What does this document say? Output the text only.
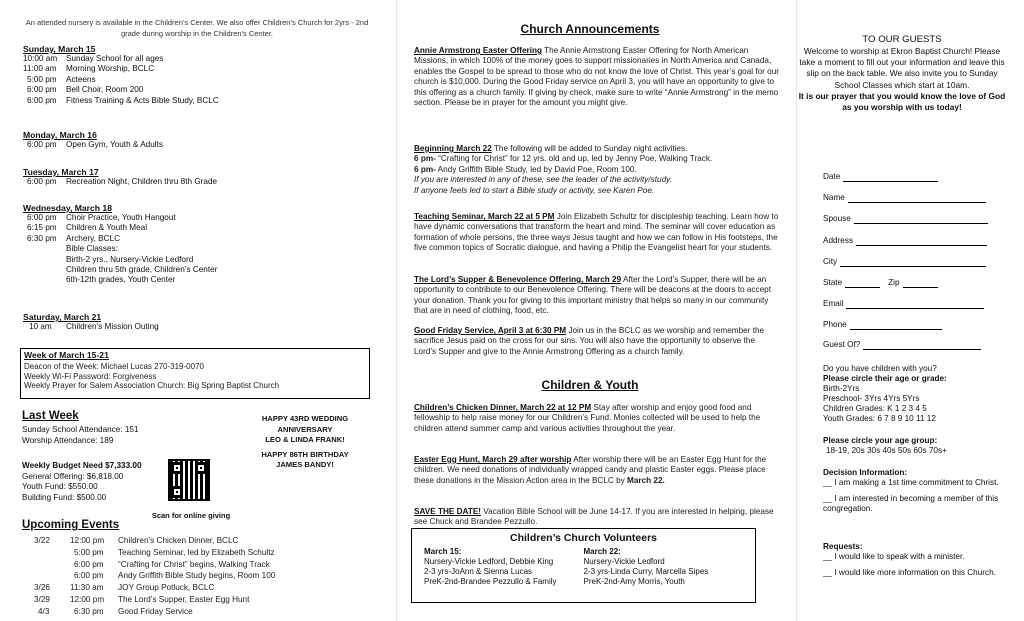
An attended nursery is available in the Children’s Center. We also offer Children’s Church for 2yrs - 2nd grade during worship in the Children’s Center.
Sunday, March 15
10:00 am	Sunday School for all ages
11:00 am	Morning Worship, BCLC
5:00 pm	Acteens
6:00 pm	Bell Choir, Room 200
6:00 pm	Fitness Training & Acts Bible Study, BCLC
Monday, March 16
6:00 pm	Open Gym, Youth & Adults
Tuesday, March 17
6:00 pm	Recreation Night, Children thru 8th Grade
Wednesday, March 18
6:00 pm	Choir Practice, Youth Hangout
6:15 pm	Children & Youth Meal
6:30 pm	Archery, BCLC
Bible Classes:
Birth-2 yrs., Nursery-Vickie Ledford
Children thru 5th grade, Children’s Center
6th-12th grades, Youth Center
Saturday, March 21
10 am	Children’s Mission Outing
Week of March 15-21
Deacon of the Week: Michael Lucas 270-319-0070
Weekly Wi-Fi Password: Forgiveness
Weekly Prayer for Salem Association Church: Big Spring Baptist Church
Last Week
Sunday School Attendance: 151
Worship Attendance: 189
HAPPY 43RD WEDDING
ANNIVERSARY
LEO & LINDA FRANK!
HAPPY 86TH BIRTHDAY
JAMES BANDY!
Weekly Budget Need $7,333.00
General Offering: $6,818.00
Youth Fund: $550.00
Building Fund: $500.00
Scan for online giving
Upcoming Events
3/22	12:00 pm	Children’s Chicken Dinner, BCLC
5:00 pm	Teaching Seminar, led by Elizabeth Schultz
6:00 pm	“Crafting for Christ” begins, Walking Track
6:00 pm	Andy Griffith Bible Study begins, Room 100
3/26	11:30 am	JOY Group Potluck, BCLC
3/29	12:00 pm	The Lord’s Supper, Easter Egg Hunt
4/3	6:30 pm	Good Friday Service
Church Announcements
Annie Armstrong Easter Offering The Annie Armstrong Easter Offering for North American Missions, in which 100% of the money goes to support missionaries in North America and Canada, enables the Gospel to be spread to those who do not know the love of Christ. This year’s goal for our church is $10,000. During the Good Friday service on April 3, you will have an opportunity to give to this offering as a church family. If giving by check, make sure to write “Annie Armstrong” in the memo section. Please be in prayer for the amount you might give.
Beginning March 22 The following will be added to Sunday night activities.
6 pm- “Crafting for Christ” for 12 yrs. old and up, led by Jenny Poe, Walking Track.
6 pm- Andy Griffith Bible Study, led by David Poe, Room 100.
If you are interested in any of these, see the leader of the activity/study.
If anyone feels led to start a Bible study or activity, see Karen Poe.
Teaching Seminar, March 22 at 5 PM Join Elizabeth Schultz for discipleship teaching. Learn how to have dynamic conversations that transform the heart and mind. The seminar will cover education as formation of whole persons, the three ways Jesus taught and how we can follow in His footsteps, the five common topics of Socratic dialogue, and having a Philip the Evangelist heart for your students.
The Lord’s Supper & Benevolence Offering, March 29 After the Lord’s Supper, there will be an opportunity to contribute to our Benevolence Offering. There will be deacons at the doors to accept your donation. Thank you for giving to this important ministry that helps so many in our community that are in need of clothing, food, etc.
Good Friday Service, April 3 at 6:30 PM Join us in the BCLC as we worship and remember the sacrifice Jesus paid on the cross for our sins. You will also have the opportunity to observe the Lord’s Supper and give to the Annie Armstrong Offering as a church family.
Children & Youth
Children’s Chicken Dinner, March 22 at 12 PM Stay after worship and enjoy good food and fellowship to help raise money for our Children’s Fund. Monies collected will be used to help the children attend summer camp and various activities throughout the year.
Easter Egg Hunt, March 29 after worship After worship there will be an Easter Egg Hunt for the children. We need donations of individually wrapped candy and plastic Easter eggs. Please place these donations in the Mission Action area in the BCLC by March 22.
SAVE THE DATE! Vacation Bible School will be June 14-17. If you are interested in helping, please see Chuck and Brandee Pezzullo.
Children’s Church Volunteers
March 15:
Nursery-Vickie Ledford, Debbie King
2-3 yrs-JoAnn & Sienna Lucas
PreK-2nd-Brandee Pezzullo & Family
March 22:
Nursery-Vickie Ledford
2-3 yrs-Linda Curry, Marcella Sipes
PreK-2nd-Amy Morris, Youth
TO OUR GUESTS
Welcome to worship at Ekron Baptist Church! Please take a moment to fill out your information and leave this slip on the back table. We also invite you to Sunday School Classes which start at 10am.
It is our prayer that you would know the love of God as you worship with us today!
Date
Name
Spouse
Address
City
State	Zip
Email
Phone
Guest Of?
Do you have children with you?
Please circle their age or grade:
Birth-2Yrs
Preschool- 3Yrs 4Yrs 5Yrs
Children Grades: K 1 2 3 4 5
Youth Grades: 6 7 8 9 10 11 12
Please circle your age group:
18-19, 20s 30s 40s 50s 60s 70s+
Decision Information:
__ I am making a 1st time commitment to Christ.
__ I am interested in becoming a member of this congregation.
Requests:
__ I would like to speak with a minister.
__ I would like more information on this Church.
